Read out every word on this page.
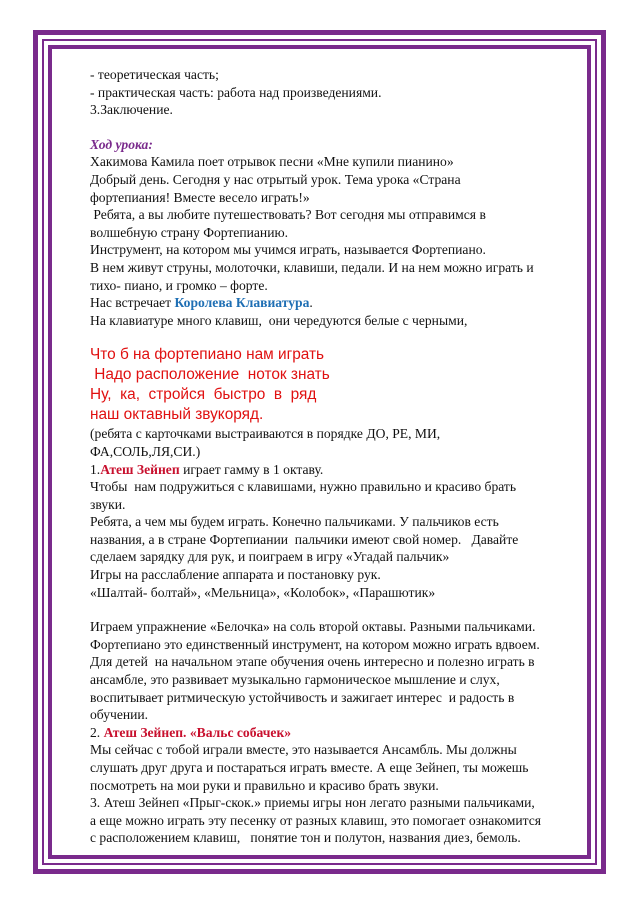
- теоретическая часть;

- практическая часть: работа над произведениями.

3.Заключение.

Ход урока:

Хакимова Камила поет отрывок песни «Мне купили пианино»

Добрый день. Сегодня у нас отрытый урок. Тема урока «Страна

фортепиания! Вместе весело играть!»

Ребята, а вы любите путешествовать? Вот сегодня мы отправимся в

волшебную страну Фортепианию.

Инструмент, на котором мы учимся играть, называется Фортепиано.

В нем живут струны, молоточки, клавиши, педали. И на нем можно играть и

тихо- пиано, и громко – форте.

Нас встречает Королева Клавиатура.

На клавиатуре много клавиш,  они чередуются белые с черными,

Что б на фортепиано нам играть

Надо расположение  ноток знать

Ну,  ка,  стройся  быстро  в  ряд

наш октавный звукоряд.

(ребята с карточками выстраиваются в порядке ДО, РЕ, МИ,

ФА,СОЛЬ,ЛЯ,СИ.)

1.Атеш Зейнеп играет гамму в 1 октаву.

Чтобы  нам подружиться с клавишами, нужно правильно и красиво брать

звуки.

Ребята, а чем мы будем играть. Конечно пальчиками. У пальчиков есть

названия, а в стране Фортепиании  пальчики имеют свой номер.   Давайте

сделаем зарядку для рук, и поиграем в игру «Угадай пальчик»

Игры на расслабление аппарата и постановку рук.

«Шалтай- болтай», «Мельница», «Колобок», «Парашютик»

Играем упражнение «Белочка» на соль второй октавы. Разными пальчиками.

Фортепиано это единственный инструмент, на котором можно играть вдвоем.

Для детей  на начальном этапе обучения очень интересно и полезно играть в

ансамбле, это развивает музыкально гармоническое мышление и слух,

воспитывает ритмическую устойчивость и зажигает интерес  и радость в

обучении.

2. Атеш Зейнеп. «Вальс собачек»

Мы сейчас с тобой играли вместе, это называется Ансамбль. Мы должны

слушать друг друга и постараться играть вместе. А еще Зейнеп, ты можешь

посмотреть на мои руки и правильно и красиво брать звуки.

3. Атеш Зейнеп «Прыг-скок.» приемы игры нон легато разными пальчиками,

а еще можно играть эту песенку от разных клавиш, это помогает ознакомится

с расположением клавиш,   понятие тон и полутон, названия диез, бемоль.
